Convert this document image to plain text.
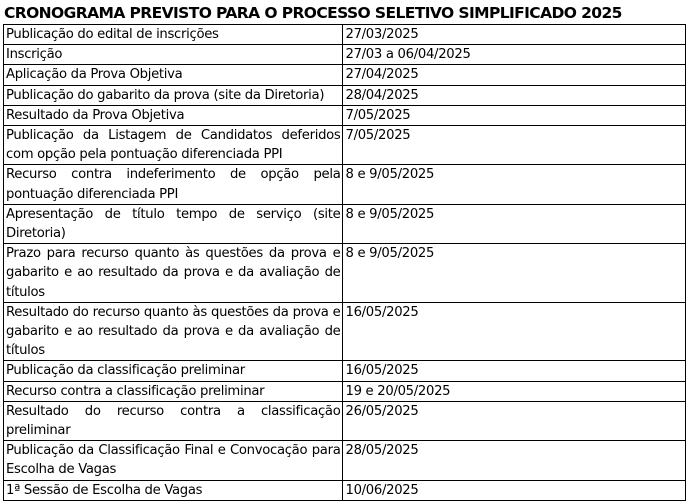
CRONOGRAMA PREVISTO PARA O PROCESSO SELETIVO SIMPLIFICADO 2025
Publicação do edital de inscrições	27/03/2025
Inscrição	27/03 a 06/04/2025
Aplicação da Prova Objetiva	27/04/2025
Publicação do gabarito da prova (site da Diretoria)	28/04/2025
Resultado da Prova Objetiva	7/05/2025
Publicação da Listagem de Candidatos deferidos com opção pela pontuação diferenciada PPI	7/05/2025
Recurso contra indeferimento de opção pela pontuação diferenciada PPI	8 e 9/05/2025
Apresentação de título tempo de serviço (site Diretoria)	8 e 9/05/2025
Prazo para recurso quanto às questões da prova e gabarito e ao resultado da prova e da avaliação de títulos	8 e 9/05/2025
Resultado do recurso quanto às questões da prova e gabarito e ao resultado da prova e da avaliação de títulos	16/05/2025
Publicação da classificação preliminar	16/05/2025
Recurso contra a classificação preliminar	19 e 20/05/2025
Resultado do recurso contra a classificação preliminar	26/05/2025
Publicação da Classificação Final e Convocação para Escolha de Vagas	28/05/2025
1ª Sessão de Escolha de Vagas	10/06/2025
